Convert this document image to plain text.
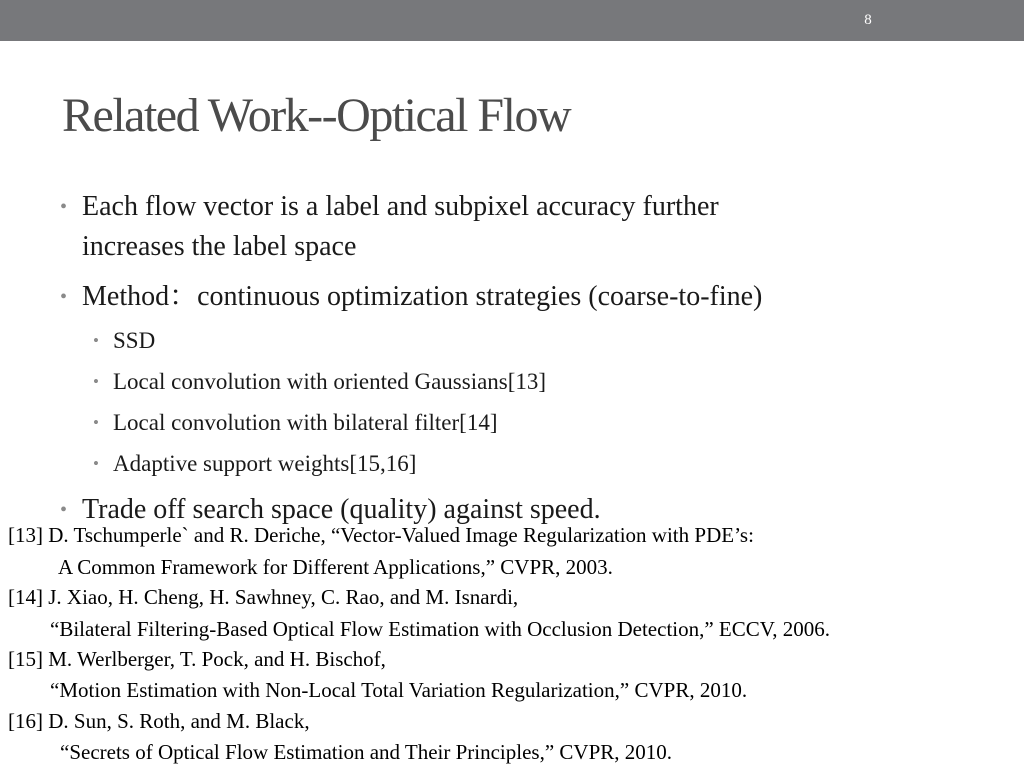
8
Related Work--Optical Flow
• Each flow vector is a label and subpixel accuracy further
increases the label space
• Method：continuous optimization strategies (coarse-to-fine)
• SSD
• Local convolution with oriented Gaussians[13]
• Local convolution with bilateral filter[14]
• Adaptive support weights[15,16]
• Trade off search space (quality) against speed.
[13] D. Tschumperle` and R. Deriche, “Vector-Valued Image Regularization with PDE’s:
A Common Framework for Different Applications,” CVPR, 2003.
[14] J. Xiao, H. Cheng, H. Sawhney, C. Rao, and M. Isnardi,
“Bilateral Filtering-Based Optical Flow Estimation with Occlusion Detection,” ECCV, 2006.
[15] M. Werlberger, T. Pock, and H. Bischof,
“Motion Estimation with Non-Local Total Variation Regularization,” CVPR, 2010.
[16] D. Sun, S. Roth, and M. Black,
“Secrets of Optical Flow Estimation and Their Principles,” CVPR, 2010.
